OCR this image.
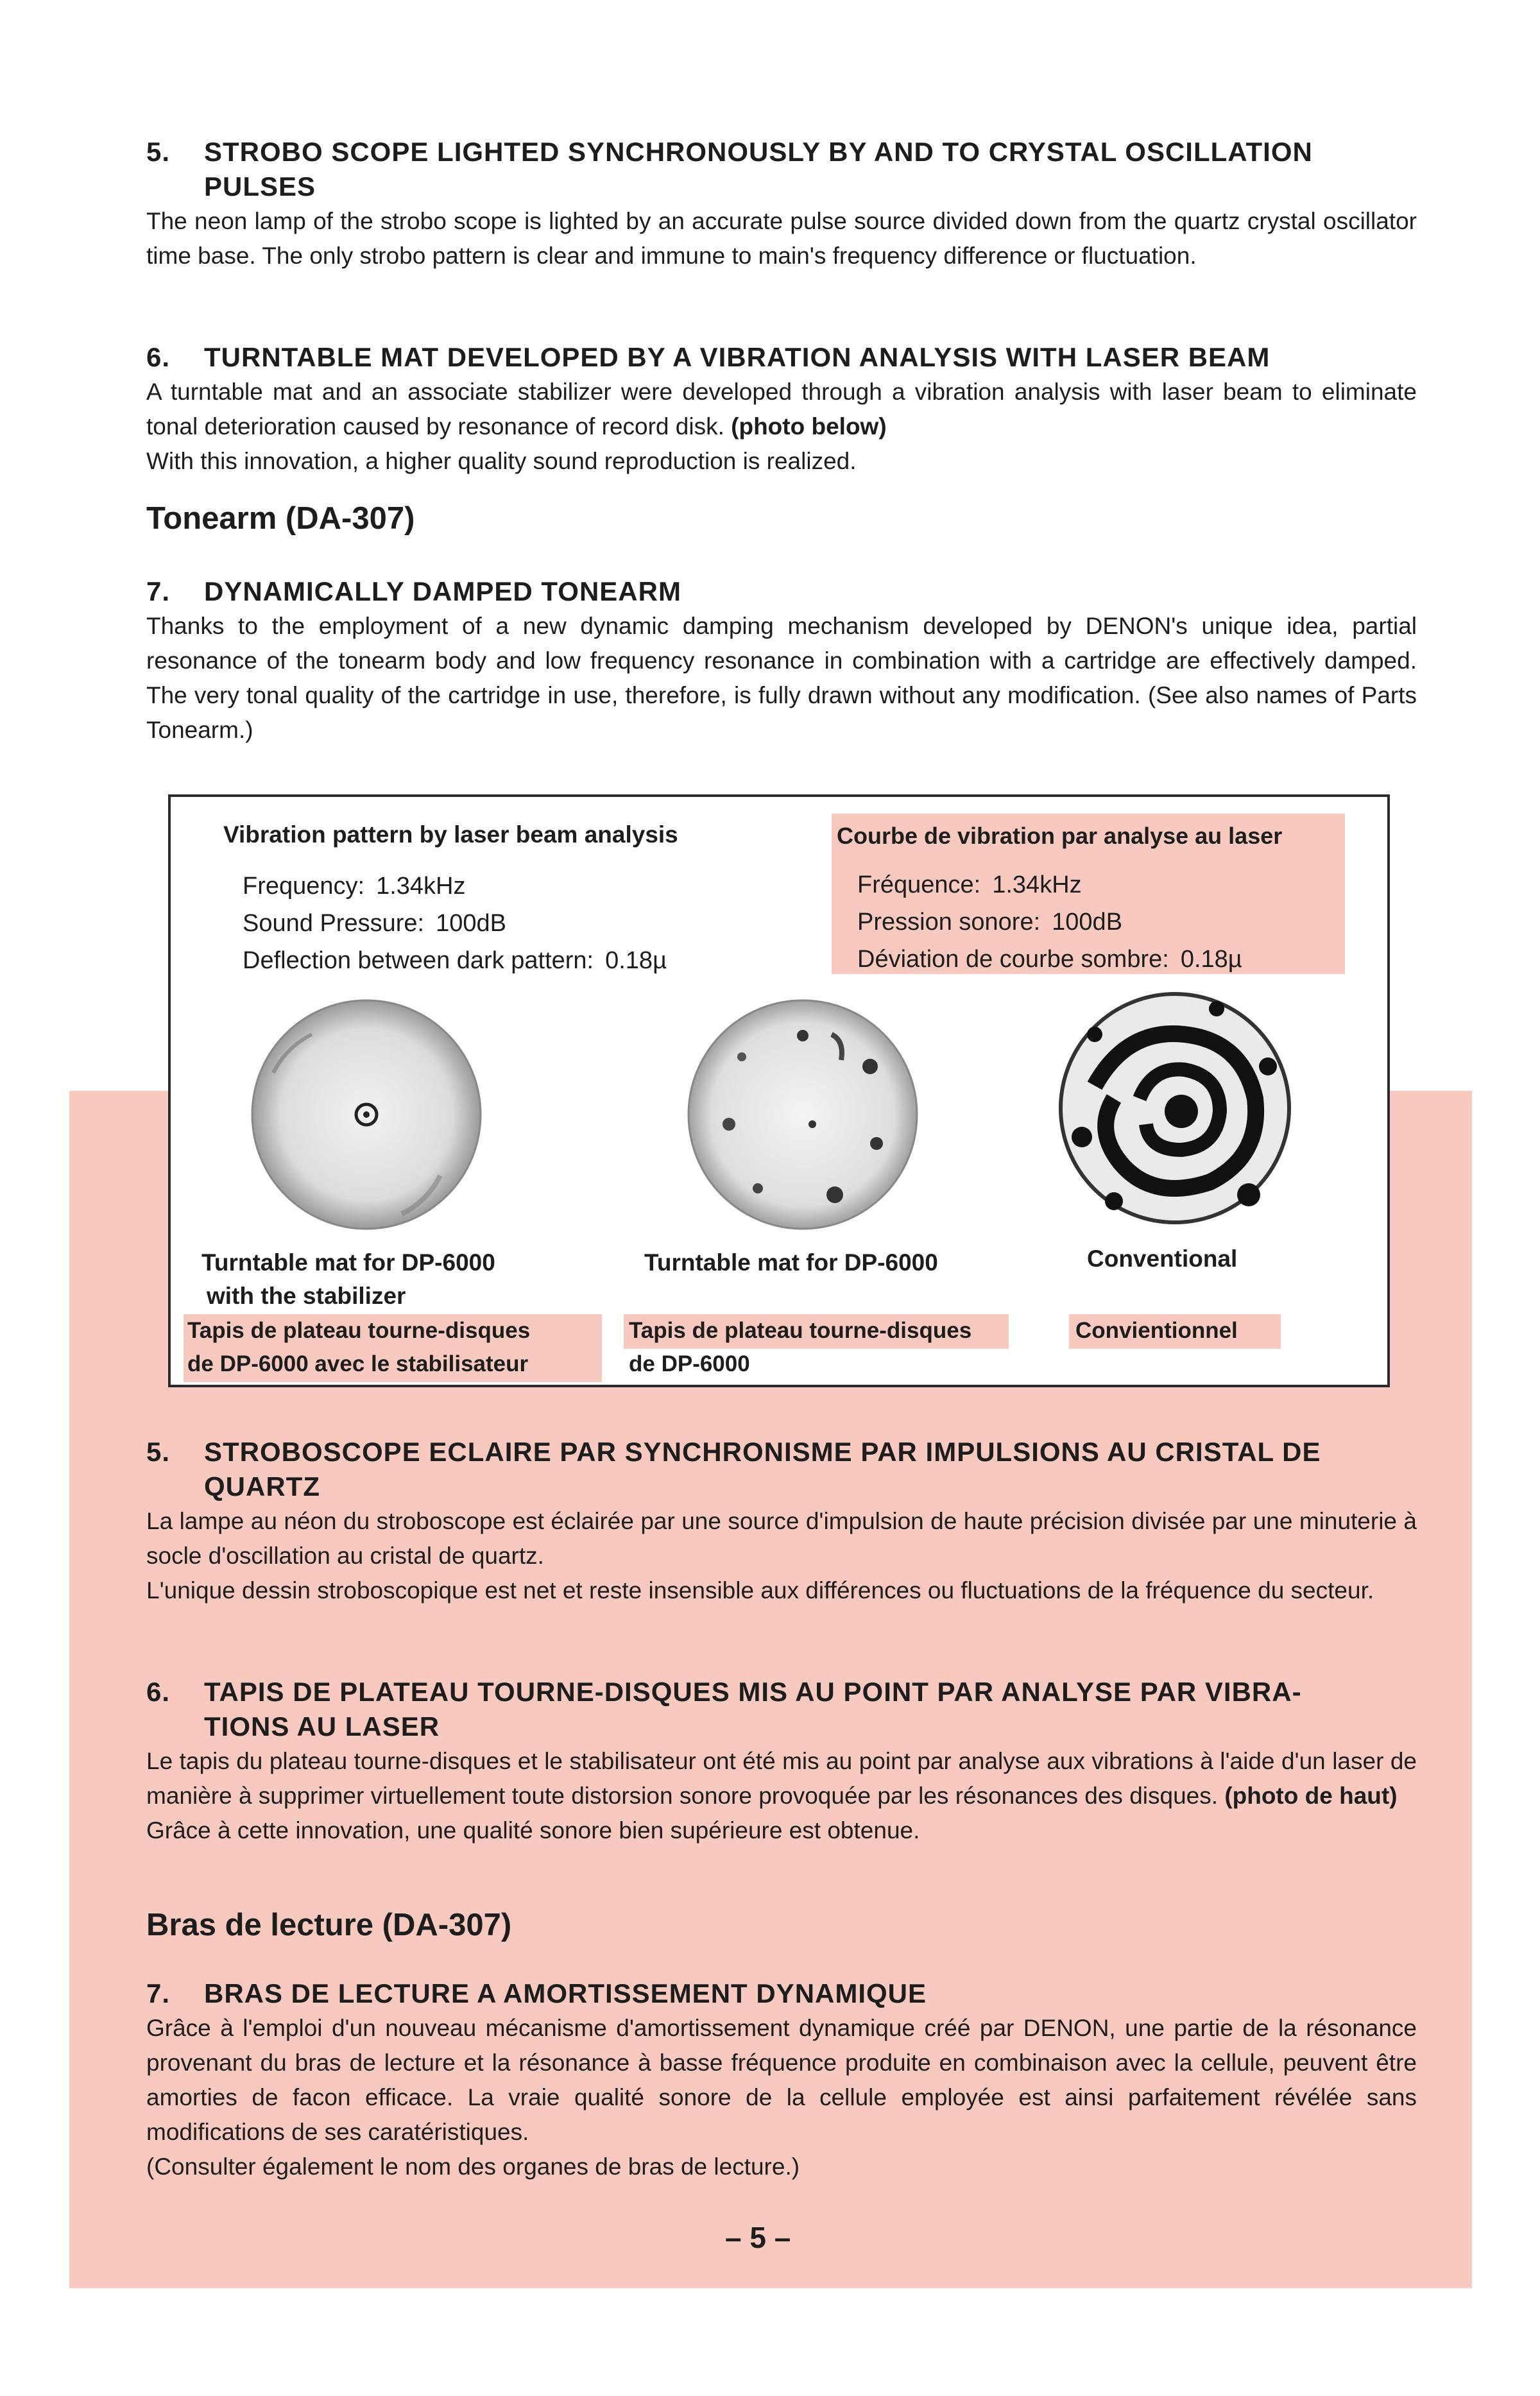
5. STROBO SCOPE LIGHTED SYNCHRONOUSLY BY AND TO CRYSTAL OSCILLATION
PULSES

The neon lamp of the strobo scope is lighted by an accurate pulse source divided down from the quartz crystal oscillator time base. The only strobo pattern is clear and immune to main's frequency difference or fluctuation.

6. TURNTABLE MAT DEVELOPED BY A VIBRATION ANALYSIS WITH LASER BEAM

A turntable mat and an associate stabilizer were developed through a vibration analysis with laser beam to eliminate tonal deterioration caused by resonance of record disk. (photo below)

With this innovation, a higher quality sound reproduction is realized.

Tonearm (DA-307)

7. DYNAMICALLY DAMPED TONEARM

Thanks to the employment of a new dynamic damping mechanism developed by DENON's unique idea, partial resonance of the tonearm body and low frequency resonance in combination with a cartridge are effectively damped. The very tonal quality of the cartridge in use, therefore, is fully drawn without any modification. (See also names of Parts Tonearm.)

Vibration pattern by laser beam analysis
Frequency: 1.34kHz
Sound Pressure: 100dB
Deflection between dark pattern: 0.18µ
Courbe de vibration par analyse au laser
Fréquence: 1.34kHz
Pression sonore: 100dB
Déviation de courbe sombre: 0.18µ
Turntable mat for DP-6000
with the stabilizer
Tapis de plateau tourne-disques
de DP-6000 avec le stabilisateur
Turntable mat for DP-6000
Tapis de plateau tourne-disques
de DP-6000
Conventional
Convientionnel

5. STROBOSCOPE ECLAIRE PAR SYNCHRONISME PAR IMPULSIONS AU CRISTAL DE
QUARTZ

La lampe au néon du stroboscope est éclairée par une source d'impulsion de haute précision divisée par une minuterie à socle d'oscillation au cristal de quartz.

L'unique dessin stroboscopique est net et reste insensible aux différences ou fluctuations de la fréquence du secteur.

6. TAPIS DE PLATEAU TOURNE-DISQUES MIS AU POINT PAR ANALYSE PAR VIBRA-
TIONS AU LASER

Le tapis du plateau tourne-disques et le stabilisateur ont été mis au point par analyse aux vibrations à l'aide d'un laser de manière à supprimer virtuellement toute distorsion sonore provoquée par les résonances des disques. (photo de haut)

Grâce à cette innovation, une qualité sonore bien supérieure est obtenue.

Bras de lecture (DA-307)

7. BRAS DE LECTURE A AMORTISSEMENT DYNAMIQUE

Grâce à l'emploi d'un nouveau mécanisme d'amortissement dynamique créé par DENON, une partie de la résonance provenant du bras de lecture et la résonance à basse fréquence produite en combinaison avec la cellule, peuvent être amorties de facon efficace. La vraie qualité sonore de la cellule employée est ainsi parfaitement révélée sans modifications de ses caratéristiques.

(Consulter également le nom des organes de bras de lecture.)

– 5 –
